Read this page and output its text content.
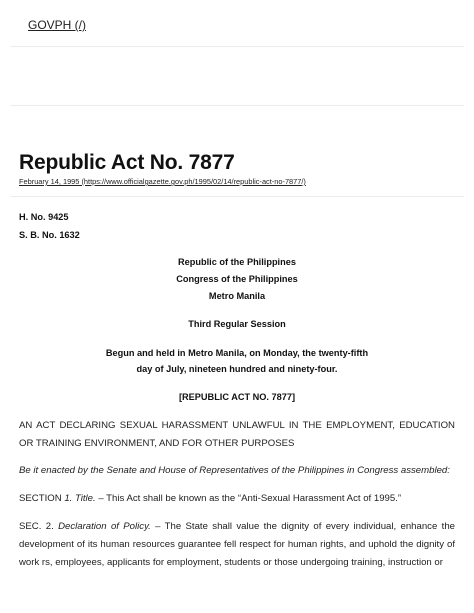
GOVPH (/)
Republic Act No. 7877
February 14, 1995 (https://www.officialgazette.gov.ph/1995/02/14/republic-act-no-7877/)
H. No. 9425
S. B. No. 1632
Republic of the Philippines
Congress of the Philippines
Metro Manila
Third Regular Session
Begun and held in Metro Manila, on Monday, the twenty-fifth
day of July, nineteen hundred and ninety-four.
[REPUBLIC ACT NO. 7877]

AN ACT DECLARING SEXUAL HARASSMENT UNLAWFUL IN THE EMPLOYMENT, EDUCATION OR TRAINING ENVIRONMENT, AND FOR OTHER PURPOSES

Be it enacted by the Senate and House of Representatives of the Philippines in Congress assembled:

SECTION 1. Title. – This Act shall be known as the “Anti-Sexual Harassment Act of 1995.”

SEC. 2. Declaration of Policy. – The State shall value the dignity of every individual, enhance the development of its human resources guarantee fell respect for human rights, and uphold the dignity of work rs, employees, applicants for employment, students or those undergoing training, instruction or
